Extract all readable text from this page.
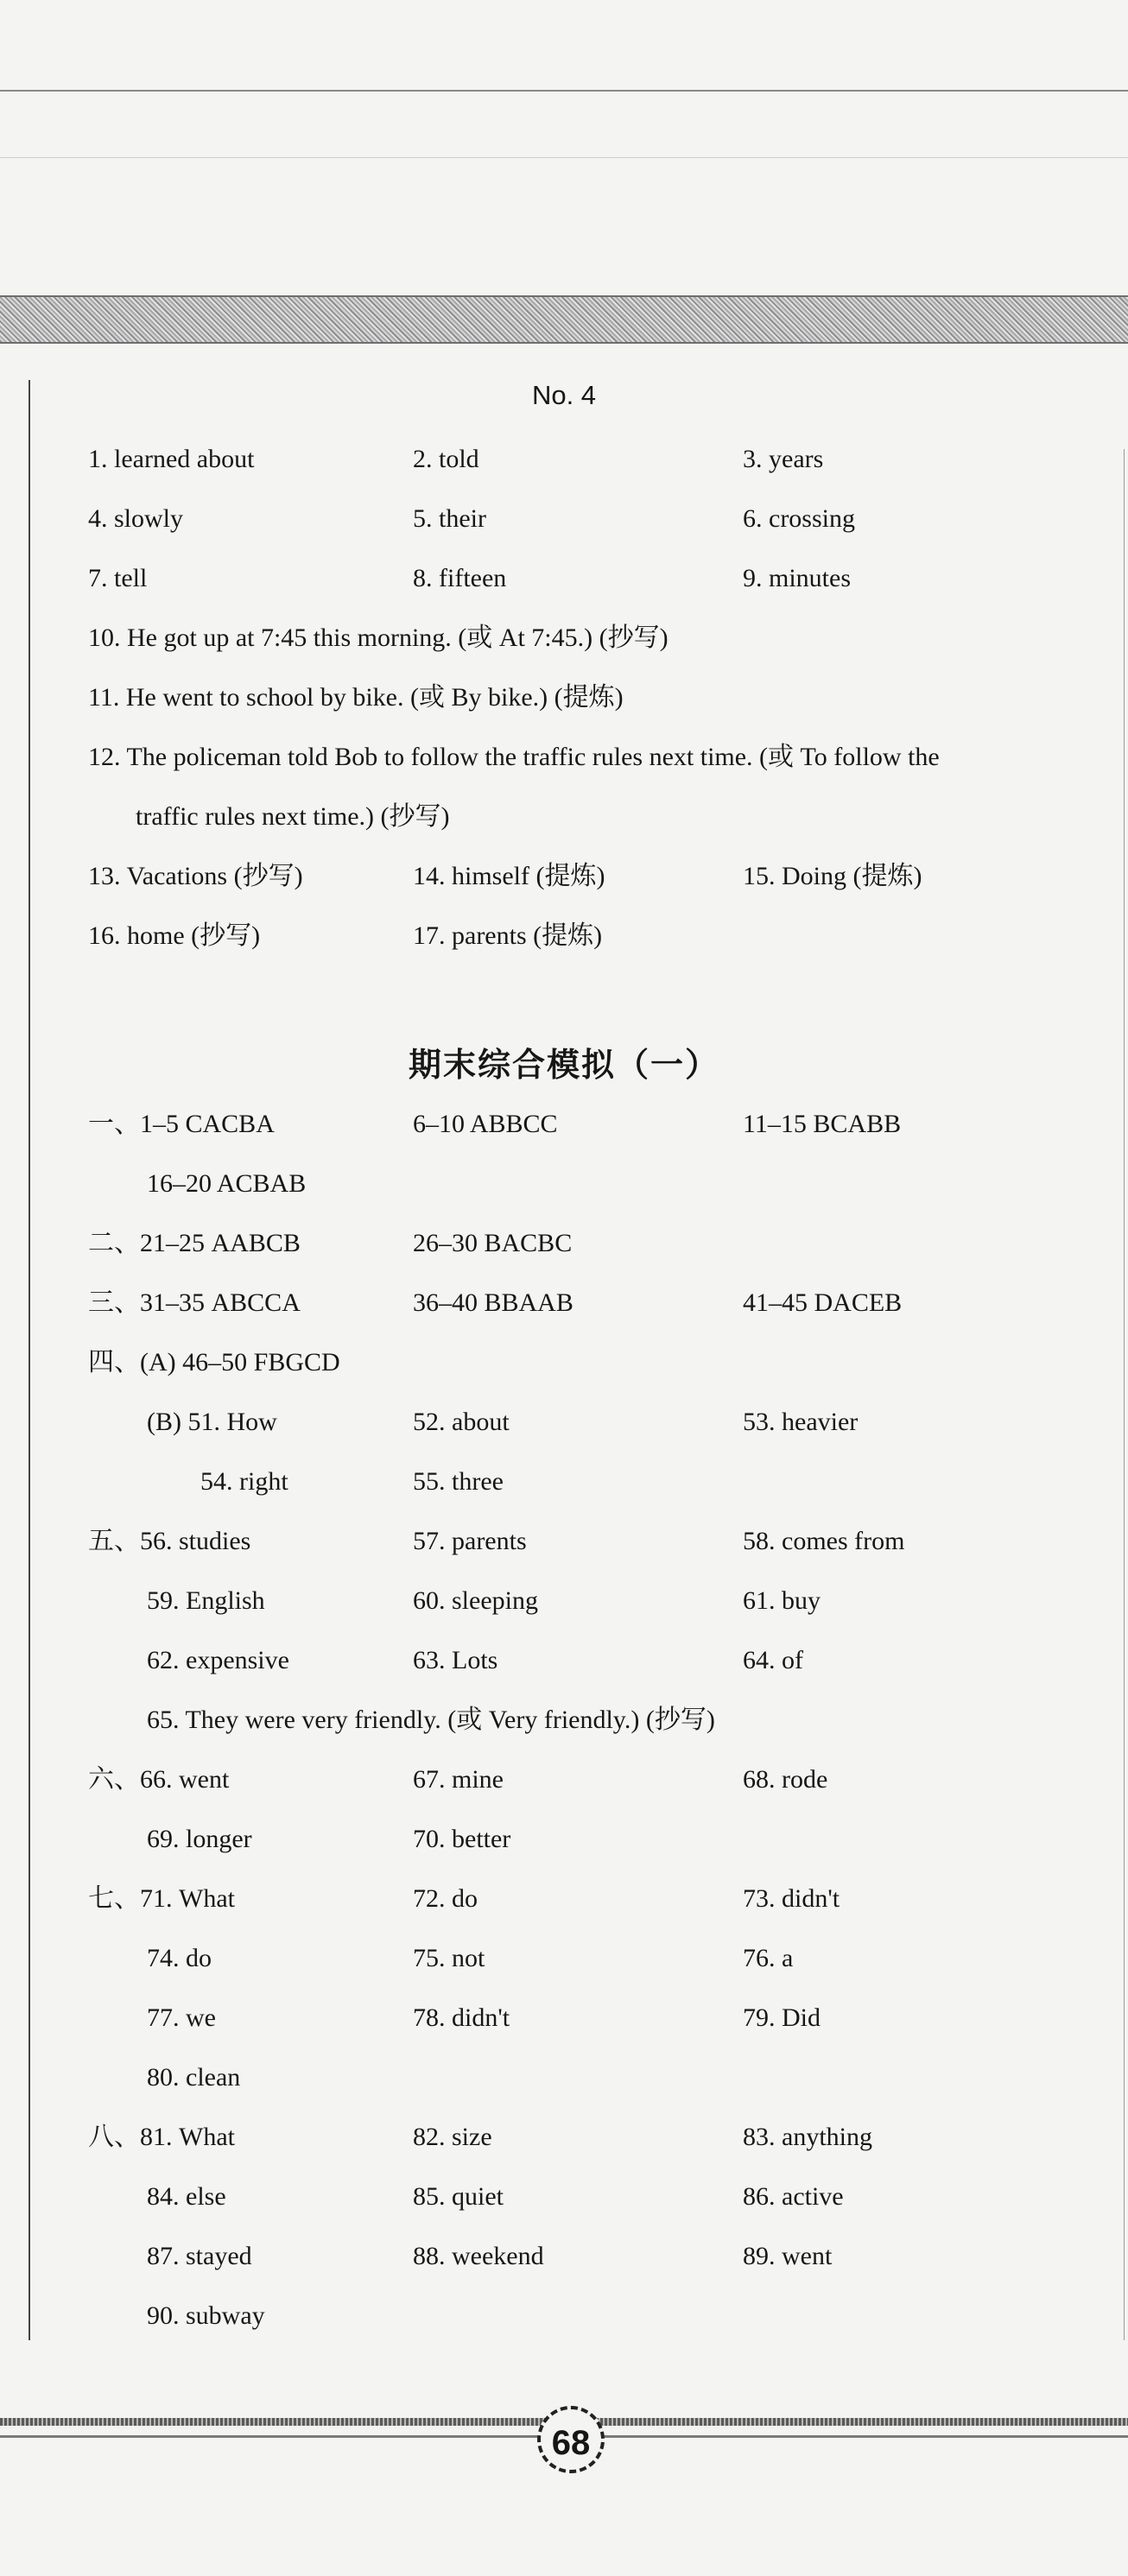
No. 4
1. learned about	2. told	3. years
4. slowly	5. their	6. crossing
7. tell	8. fifteen	9. minutes
10. He got up at 7:45 this morning. (或 At 7:45.) (抄写)
11. He went to school by bike. (或 By bike.) (提炼)
12. The policeman told Bob to follow the traffic rules next time. (或 To follow the
traffic rules next time.) (抄写)
13. Vacations (抄写)	14. himself (提炼)	15. Doing (提炼)
16. home (抄写)	17. parents (提炼)
期末综合模拟（一）
一、1–5 CACBA	6–10 ABBCC	11–15 BCABB
16–20 ACBAB
二、21–25 AABCB	26–30 BACBC
三、31–35 ABCCA	36–40 BBAAB	41–45 DACEB
四、(A) 46–50 FBGCD
(B) 51. How	52. about	53. heavier
54. right	55. three
五、56. studies	57. parents	58. comes from
59. English	60. sleeping	61. buy
62. expensive	63. Lots	64. of
65. They were very friendly. (或 Very friendly.) (抄写)
六、66. went	67. mine	68. rode
69. longer	70. better
七、71. What	72. do	73. didn't
74. do	75. not	76. a
77. we	78. didn't	79. Did
80. clean
八、81. What	82. size	83. anything
84. else	85. quiet	86. active
87. stayed	88. weekend	89. went
90. subway
68
